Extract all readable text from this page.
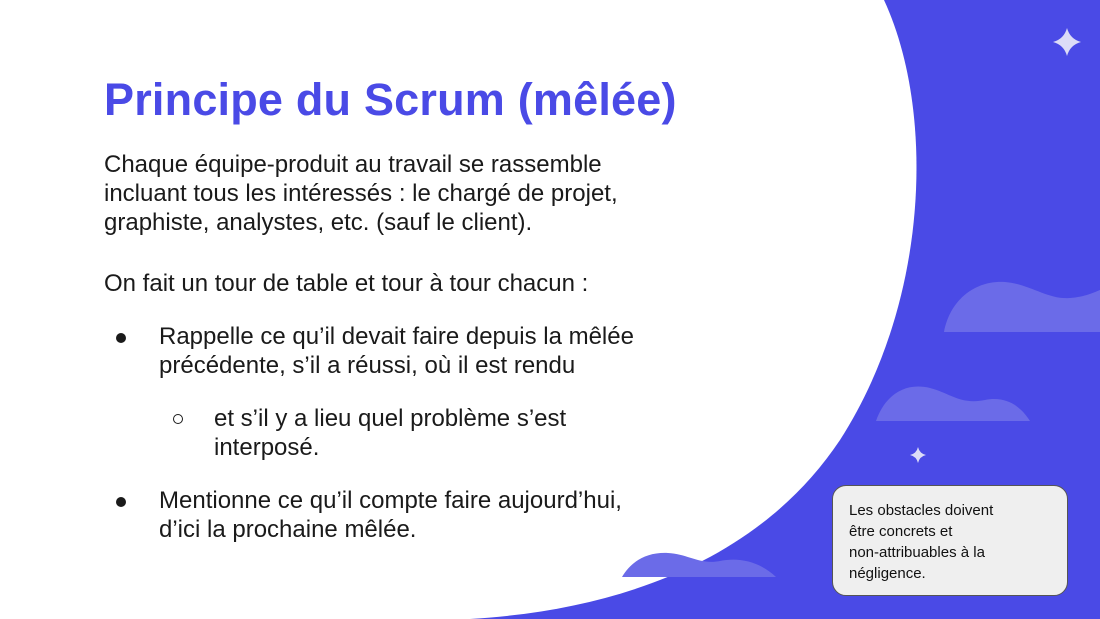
Principe du Scrum (mêlée)

Chaque équipe-produit au travail se rassemble
incluant tous les intéressés : le chargé de projet,
graphiste, analystes, etc. (sauf le client).

On fait un tour de table et tour à tour chacun :

Rappelle ce qu’il devait faire depuis la mêlée
précédente, s’il a réussi, où il est rendu
et s’il y a lieu quel problème s’est
interposé.
Mentionne ce qu’il compte faire aujourd’hui,
d’ici la prochaine mêlée.
Les obstacles doivent
être concrets et
non-attribuables à la
négligence.
